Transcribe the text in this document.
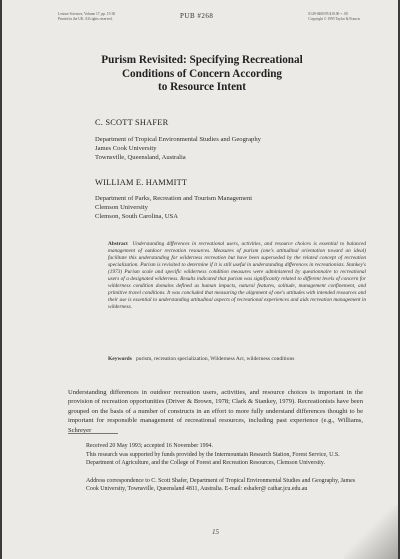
Leisure Sciences, Volume 17, pp. 15-30
Printed in the UK. All rights reserved.	PUB #268	0149-0400/95 $10.00 + .00
Copyright © 1995 Taylor & Francis
Purism Revisited: Specifying Recreational
Conditions of Concern According
to Resource Intent
C. SCOTT SHAFER
Department of Tropical Environmental Studies and Geography
James Cook University
Townsville, Queensland, Australia
WILLIAM E. HAMMITT
Department of Parks, Recreation and Tourism Management
Clemson University
Clemson, South Carolina, USA
Abstract Understanding differences in recreational users, activities, and resource choices is essential to balanced management of outdoor recreation resources. Measures of purism (one's attitudinal orientation toward an ideal) facilitate this understanding for wilderness recreation but have been superseded by the related concept of recreation specialization. Purism is revisited to determine if it is still useful in understanding differences in recreationists. Stankey's (1973) Purism scale and specific wilderness condition measures were administered by questionnaire to recreational users of a designated wilderness. Results indicated that purism was significantly related to different levels of concern for wilderness condition domains defined as human impacts, natural features, solitude, management confinement, and primitive travel conditions. It was concluded that measuring the alignment of one's attitudes with intended resources and their use is essential to understanding attitudinal aspects of recreational experiences and aids recreation management in wilderness.
Keywords purism, recreation specialization, Wilderness Act, wilderness conditions
Understanding differences in outdoor recreation users, activities, and resource choices is important in the provision of recreation opportunities (Driver & Brown, 1978; Clark & Stankey, 1979). Recreationists have been grouped on the basis of a number of constructs in an effort to more fully understand differences thought to be important for responsible management of recreational resources, including past experience (e.g., Williams, Schreyer
Received 20 May 1993; accepted 16 November 1994.
This research was supported by funds provided by the Intermountain Research Station, Forest Service, U.S. Department of Agriculture, and the College of Forest and Recreation Resources, Clemson University.
Address correspondence to C. Scott Shafer, Department of Tropical Environmental Studies and Geography, James Cook University, Townsville, Queensland 4811, Australia. E-mail: eshafer@ cathar.jcu.edu.au
15
